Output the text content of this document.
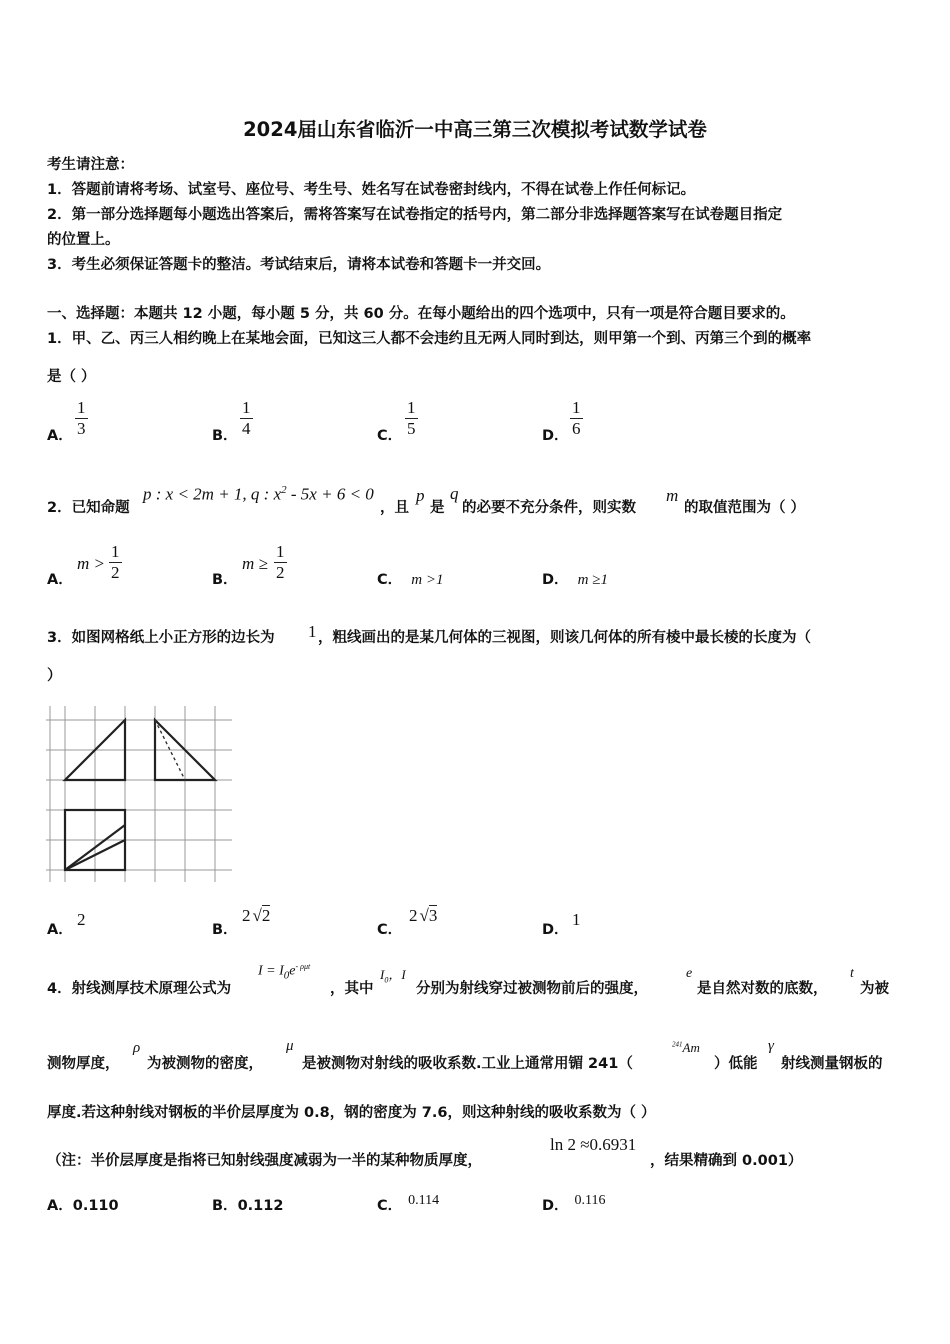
2024届山东省临沂一中高三第三次模拟考试数学试卷
考生请注意：
1．答题前请将考场、试室号、座位号、考生号、姓名写在试卷密封线内，不得在试卷上作任何标记。
2．第一部分选择题每小题选出答案后，需将答案写在试卷指定的括号内，第二部分非选择题答案写在试卷题目指定
的位置上。
3．考生必须保证答题卡的整洁。考试结束后，请将本试卷和答题卡一并交回。
一、选择题：本题共 12 小题，每小题 5 分，共 60 分。在每小题给出的四个选项中，只有一项是符合题目要求的。
1．甲、乙、丙三人相约晚上在某地会面，已知这三人都不会违约且无两人同时到达，则甲第一个到、丙第三个到的概率
是（ ）
A． $\frac{1}{3}$	B． $\frac{1}{4}$	C． $\frac{1}{5}$	D． $\frac{1}{6}$
2．已知命题
p : x < 2m + 1, q : $x^2 - 5x + 6 < 0$
，且
p
是
q
的必要不充分条件，则实数
m
的取值范围为（ ）
A．
$m > \frac{1}{2}$	B．
$m \ge \frac{1}{2}$	C． m >1	D． m ≥1
3．如图网格纸上小正方形的边长为 1 ，粗线画出的是某几何体的三视图，则该几何体的所有棱中最长棱的长度为（
）
A．
2
B．
2 √2
C．
2 √3
D．
1
4．射线测厚技术原理公式为
$I = I_0e^{- \rho\mu t}$
，其中
$I_0$，I
分别为射线穿过被测物前后的强度，
e
是自然对数的底数，
t
为被
测物厚度，
ρ
为被测物的密度，
μ
是被测物对射线的吸收系数.工业上通常用镅 241（
$^{241}$Am
）低能
γ
射线测量钢板的
厚度.若这种射线对钢板的半价层厚度为 0.8，钢的密度为 7.6，则这种射线的吸收系数为（ ）
（注：半价层厚度是指将已知射线强度减弱为一半的某种物质厚度，
ln 2 ≈0.6931
，结果精确到 0.001）
A．0.110	B．0.112	C． 0.114	D． 0.116
